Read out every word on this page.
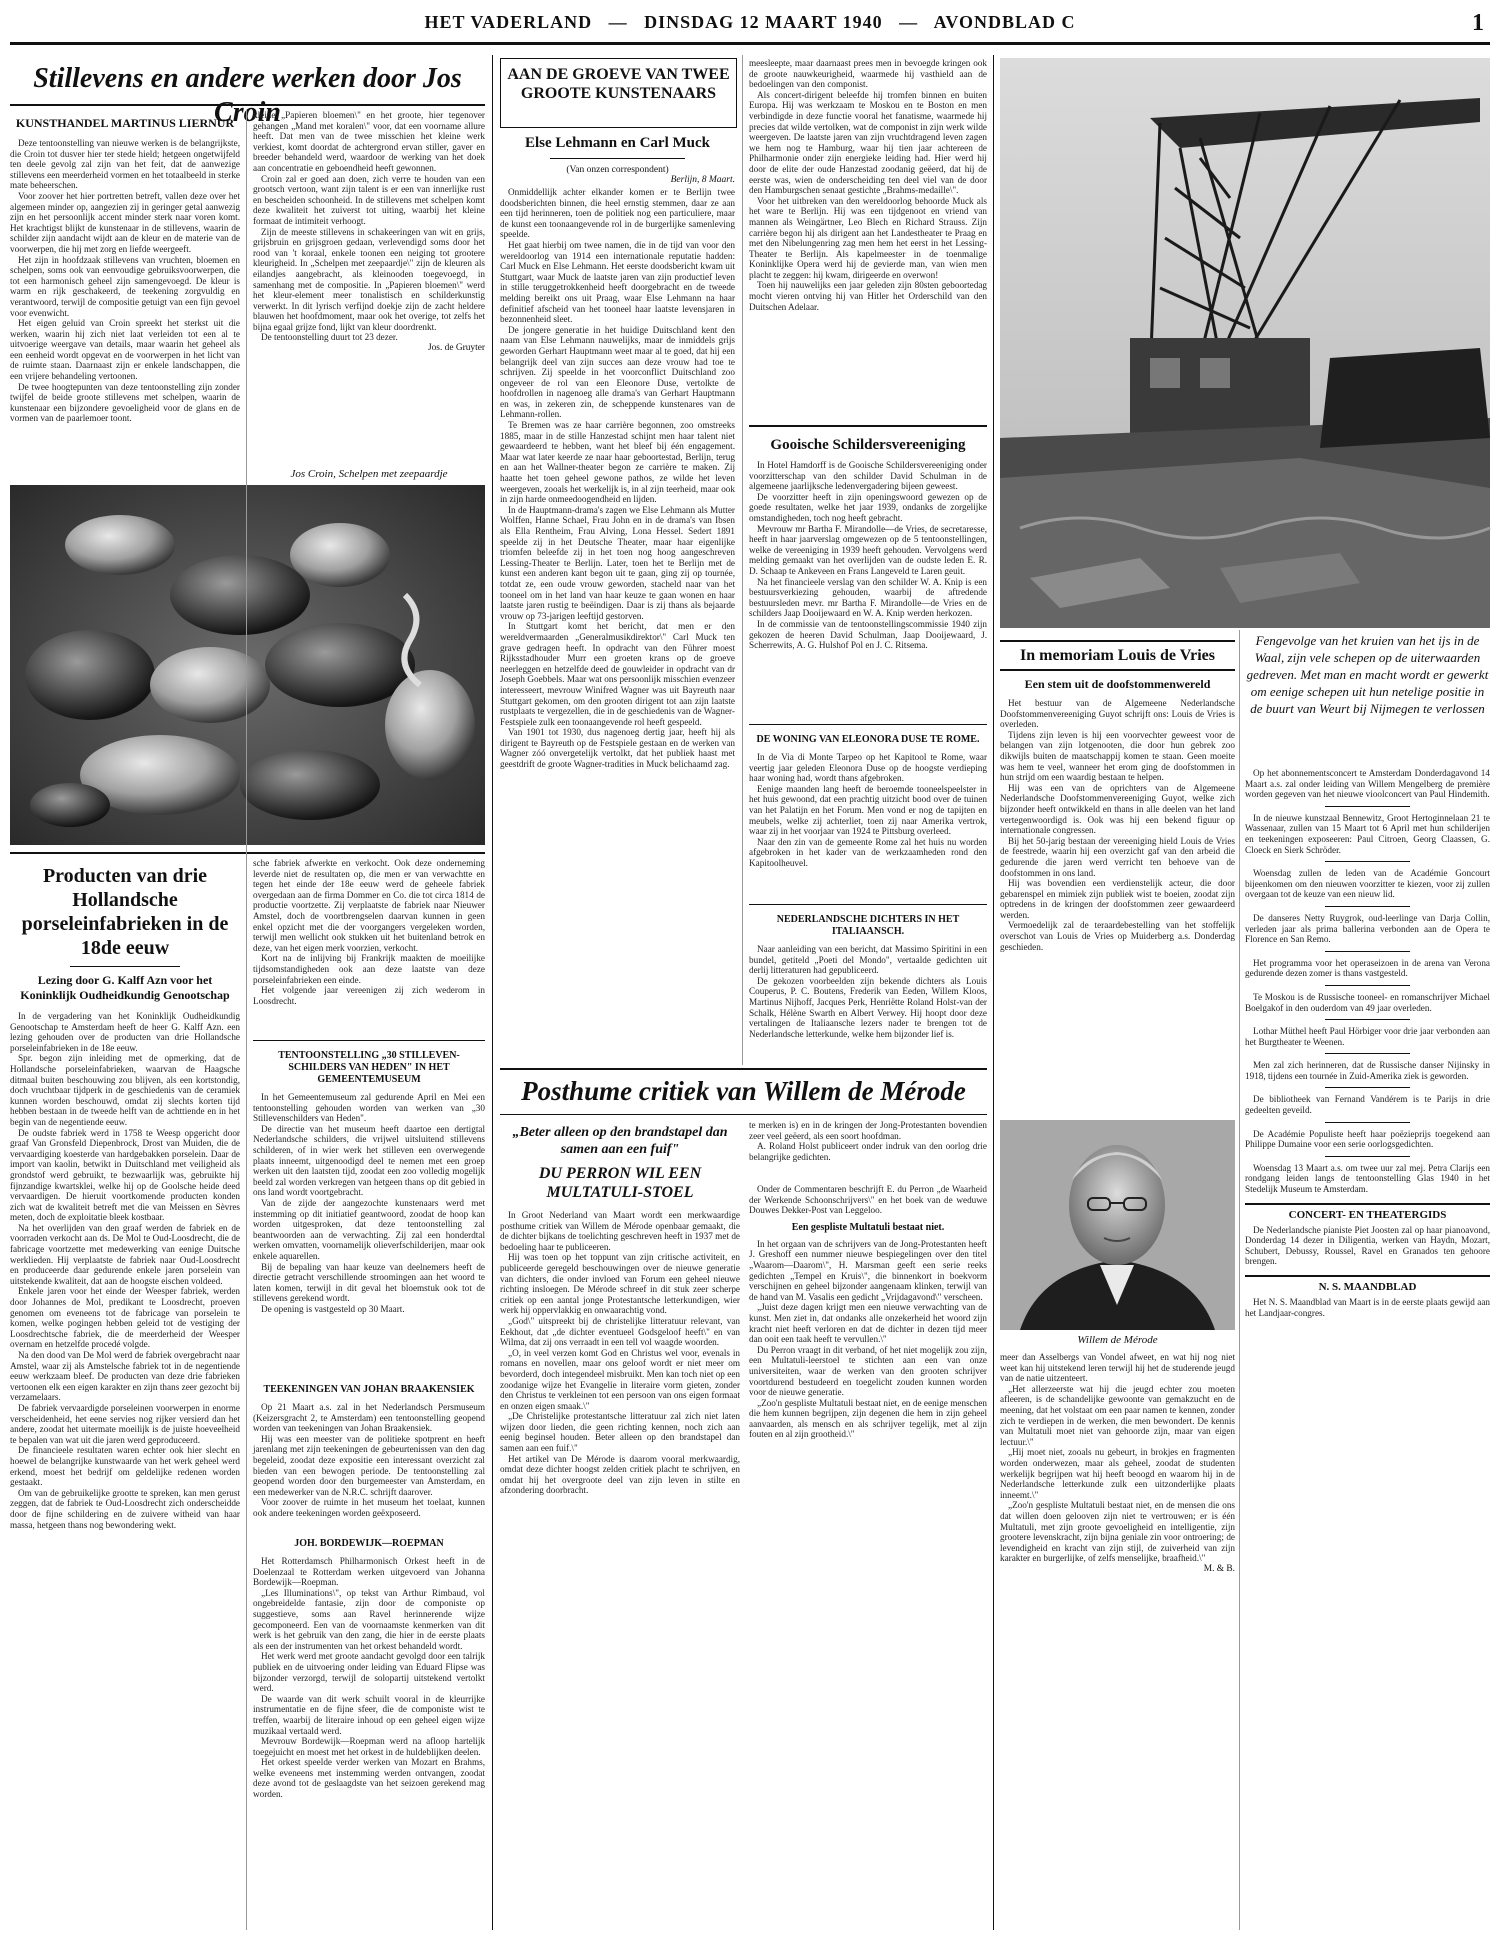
HET VADERLAND — DINSDAG 12 MAART 1940 — AVONDBLAD C	1
Stillevens en andere werken door Jos Croin
KUNSTHANDEL MARTINUS LIERNUR

Deze tentoonstelling van nieuwe werken is de belangrijkste, die Croin tot dusver hier ter stede hield; hetgeen ongetwijfeld ten deele gevolg zal zijn van het feit, dat de aanwezige stillevens een meerderheid vormen en het totaalbeeld in sterke mate beheerschen.

Voor zoover het hier portretten betreft, vallen deze over het algemeen minder op, aangezien zij in geringer getal aanwezig zijn en het persoonlijk accent minder sterk naar voren komt. Het krachtigst blijkt de kunstenaar in de stillevens, waarin de schilder zijn aandacht wijdt aan de kleur en de materie van de voorwerpen, die hij met zorg en liefde weergeeft.

Het zijn in hoofdzaak stillevens van vruchten, bloemen en schelpen, soms ook van eenvoudige gebruiksvoorwerpen, die tot een harmonisch geheel zijn samengevoegd. De kleur is warm en rijk geschakeerd, de teekening zorgvuldig en verantwoord, terwijl de compositie getuigt van een fijn gevoel voor evenwicht.

Het eigen geluid van Croin spreekt het sterkst uit die werken, waarin hij zich niet laat verleiden tot een al te uitvoerige weergave van details, maar waarin het geheel als een eenheid wordt opgevat en de voorwerpen in het licht van de ruimte staan. Daarnaast zijn er enkele landschappen, die een vrijere behandeling vertoonen.

De twee hoogtepunten van deze tentoonstelling zijn zonder twijfel de beide groote stillevens met schelpen, waarin de kunstenaar een bijzondere gevoeligheid voor de glans en de vormen van de paarlemoer toont.

kleine „Papieren bloemen\" en het groote, hier tegenover gehangen „Mand met koralen\" voor, dat een voorname allure heeft. Dat men van de twee misschien het kleine werk verkiest, komt doordat de achtergrond ervan stiller, gaver en breeder behandeld werd, waardoor de werking van het doek aan concentratie en geboendheid heeft gewonnen.

Croin zal er goed aan doen, zich verre te houden van een grootsch vertoon, want zijn talent is er een van innerlijke rust en bescheiden schoonheid. In de stillevens met schelpen komt deze kwaliteit het zuiverst tot uiting, waarbij het kleine formaat de intimiteit verhoogt.

Zijn de meeste stillevens in schakeeringen van wit en grijs, grijsbruin en grijsgroen gedaan, verlevendigd soms door het rood van 't koraal, enkele toonen een neiging tot grootere kleurigheid. In „Schelpen met zeepaardje\" zijn de kleuren als eilandjes aangebracht, als kleinooden toegevoegd, in samenhang met de compositie. In „Papieren bloemen\" werd het kleur-element meer tonalistisch en schilderkunstig verwerkt. In dit lyrisch verfijnd doekje zijn de zacht heldere blauwen het hoofdmoment, maar ook het overige, tot zelfs het bijna egaal grijze fond, lijkt van kleur doordrenkt.

De tentoonstelling duurt tot 23 dezer.

Jos. de Gruyter

Jos Croin, Schelpen met zeepaardje
Producten van drie Hollandsche porseleinfabrieken in de 18de eeuw
Lezing door G. Kalff Azn voor het Koninklijk Oudheidkundig Genootschap

In de vergadering van het Koninklijk Oudheidkundig Genootschap te Amsterdam heeft de heer G. Kalff Azn. een lezing gehouden over de producten van drie Hollandsche porseleinfabrieken in de 18e eeuw.

Spr. begon zijn inleiding met de opmerking, dat de Hollandsche porseleinfabrieken, waarvan de Haagsche ditmaal buiten beschouwing zou blijven, als een kortstondig, doch vruchtbaar tijdperk in de geschiedenis van de ceramiek kunnen worden beschouwd, omdat zij slechts korten tijd hebben bestaan in de tweede helft van de achttiende en in het begin van de negentiende eeuw.

De oudste fabriek werd in 1758 te Weesp opgericht door graaf Van Gronsfeld Diepenbrock, Drost van Muiden, die de vervaardiging koesterde van hardgebakken porselein. Daar de import van kaolin, betwikt in Duitschland met veiligheid als grondstof werd gebruikt, te bezwaarlijk was, gebruikte hij fijnzandige kwartsklei, welke hij op de Goolsche heide deed vervaardigen. De hieruit voortkomende producten konden zich wat de kwaliteit betreft met die van Meissen en Sèvres meten, doch de exploitatie bleek kostbaar.

Na het overlijden van den graaf werden de fabriek en de voorraden verkocht aan ds. De Mol te Oud-Loosdrecht, die de fabricage voortzette met medewerking van eenige Duitsche werklieden. Hij verplaatste de fabriek naar Oud-Loosdrecht en produceerde daar gedurende enkele jaren porselein van uitstekende kwaliteit, dat aan de hoogste eischen voldeed.

Enkele jaren voor het einde der Weesper fabriek, werden door Johannes de Mol, predikant te Loosdrecht, proeven genomen om eveneens tot de fabricage van porselein te komen, welke pogingen hebben geleid tot de vestiging der Loosdrechtsche fabriek, die de meerderheid der Weesper overnam en hetzelfde procedé volgde.

Na den dood van De Mol werd de fabriek overgebracht naar Amstel, waar zij als Amstelsche fabriek tot in de negentiende eeuw werkzaam bleef. De producten van deze drie fabrieken vertoonen elk een eigen karakter en zijn thans zeer gezocht bij verzamelaars.

De fabriek vervaardigde porseleinen voorwerpen in enorme verscheidenheid, het eene servies nog rijker versierd dan het andere, zoodat het uitermate moeilijk is de juiste hoeveelheid te bepalen van wat uit die jaren werd geproduceerd.

De financieele resultaten waren echter ook hier slecht en hoewel de belangrijke kunstwaarde van het werk geheel werd erkend, moest het bedrijf om geldelijke redenen worden gestaakt.

Om van de gebruikelijke grootte te spreken, kan men gerust zeggen, dat de fabriek te Oud-Loosdrecht zich onderscheidde door de fijne schildering en de zuivere witheid van haar massa, hetgeen thans nog bewondering wekt.

sche fabriek afwerkte en verkocht. Ook deze onderneming leverde niet de resultaten op, die men er van verwachtte en tegen het einde der 18e eeuw werd de geheele fabriek overgedaan aan de firma Dommer en Co. die tot circa 1814 de productie voortzette. Zij verplaatste de fabriek naar Nieuwer Amstel, doch de voortbrengselen daarvan kunnen in geen enkel opzicht met die der voorgangers vergeleken worden, terwijl men wellicht ook stukken uit het buitenland betrok en deze, van het eigen merk voorzien, verkocht.

Kort na de inlijving bij Frankrijk maakten de moeilijke tijdsomstandigheden ook aan deze laatste van deze porseleinfabrieken een einde.

Het volgende jaar vereenigen zij zich wederom in Loosdrecht.

TENTOONSTELLING „30 STILLEVEN-SCHILDERS VAN HEDEN" IN HET GEMEENTEMUSEUM

In het Gemeentemuseum zal gedurende April en Mei een tentoonstelling gehouden worden van werken van „30 Stillevenschilders van Heden".

De directie van het museum heeft daartoe een dertigtal Nederlandsche schilders, die vrijwel uitsluitend stillevens schilderen, of in wier werk het stilleven een overwegende plaats inneemt, uitgenoodigd deel te nemen met een groep werken uit den laatsten tijd, zoodat een zoo volledig mogelijk beeld zal worden verkregen van hetgeen thans op dit gebied in ons land wordt voortgebracht.

Van de zijde der aangezochte kunstenaars werd met instemming op dit initiatief geantwoord, zoodat de hoop kan worden uitgesproken, dat deze tentoonstelling zal beantwoorden aan de verwachting. Zij zal een honderdtal werken omvatten, voornamelijk olieverfschilderijen, maar ook enkele aquarellen.

Bij de bepaling van haar keuze van deelnemers heeft de directie getracht verschillende stroomingen aan het woord te laten komen, terwijl in dit geval het bloemstuk ook tot de stillevens gerekend wordt.

De opening is vastgesteld op 30 Maart.

TEEKENINGEN VAN JOHAN BRAAKENSIEK

Op 21 Maart a.s. zal in het Nederlandsch Persmuseum (Keizersgracht 2, te Amsterdam) een tentoonstelling geopend worden van teekeningen van Johan Braakensiek.

Hij was een meester van de politieke spotprent en heeft jarenlang met zijn teekeningen de gebeurtenissen van den dag begeleid, zoodat deze expositie een interessant overzicht zal bieden van een bewogen periode. De tentoonstelling zal geopend worden door den burgemeester van Amsterdam, en een medewerker van de N.R.C. schrijft daarover.

Voor zoover de ruimte in het museum het toelaat, kunnen ook andere teekeningen worden geëxposeerd.

JOH. BORDEWIJK—ROEPMAN

Het Rotterdamsch Philharmonisch Orkest heeft in de Doelenzaal te Rotterdam werken uitgevoerd van Johanna Bordewijk—Roepman.

„Les Illuminations\", op tekst van Arthur Rimbaud, vol ongebreidelde fantasie, zijn door de componiste op suggestieve, soms aan Ravel herinnerende wijze gecomponeerd. Een van de voornaamste kenmerken van dit werk is het gebruik van den zang, die hier in de eerste plaats als een der instrumenten van het orkest behandeld wordt.

Het werk werd met groote aandacht gevolgd door een talrijk publiek en de uitvoering onder leiding van Eduard Flipse was bijzonder verzorgd, terwijl de solopartij uitstekend vertolkt werd.

De waarde van dit werk schuilt vooral in de kleurrijke instrumentatie en de fijne sfeer, die de componiste wist te treffen, waarbij de literaire inhoud op een geheel eigen wijze muzikaal vertaald werd.

Mevrouw Bordewijk—Roepman werd na afloop hartelijk toegejuicht en moest met het orkest in de huldeblijken deelen.

Het orkest speelde verder werken van Mozart en Brahms, welke eveneens met instemming werden ontvangen, zoodat deze avond tot de geslaagdste van het seizoen gerekend mag worden.

AAN DE GROEVE VAN TWEE GROOTE KUNSTENAARS
Else Lehmann en Carl Muck
(Van onzen correspondent)
Berlijn, 8 Maart.

Onmiddellijk achter elkander komen er te Berlijn twee doodsberichten binnen, die heel ernstig stemmen, daar ze aan een tijd herinneren, toen de politiek nog een particuliere, maar de kunst een toonaangevende rol in de burgerlijke samenleving speelde.

Het gaat hierbij om twee namen, die in de tijd van voor den wereldoorlog van 1914 een internationale reputatie hadden: Carl Muck en Else Lehmann. Het eerste doodsbericht kwam uit Stuttgart, waar Muck de laatste jaren van zijn productief leven in stille teruggetrokkenheid heeft doorgebracht en de tweede melding bereikt ons uit Praag, waar Else Lehmann na haar definitief afscheid van het tooneel haar laatste levensjaren in bezonnenheid sleet.

De jongere generatie in het huidige Duitschland kent den naam van Else Lehmann nauwelijks, maar de inmiddels grijs geworden Gerhart Hauptmann weet maar al te goed, dat hij een belangrijk deel van zijn succes aan deze vrouw had toe te schrijven. Zij speelde in het voorconflict Duitschland zoo ongeveer de rol van een Eleonore Duse, vertolkte de hoofdrollen in nagenoeg alle drama's van Gerhart Hauptmann en was, in zekeren zin, de scheppende kunstenares van de Lehmann-rollen.

Te Bremen was ze haar carrière begonnen, zoo omstreeks 1885, maar in de stille Hanzestad schijnt men haar talent niet gewaardeerd te hebben, want het bleef bij één engagement. Maar wat later keerde ze naar haar geboortestad, Berlijn, terug en aan het Wallner-theater begon ze carrière te maken. Zij haatte het toen geheel gewone pathos, ze wilde het leven weergeven, zooals het werkelijk is, in al zijn teerheid, maar ook in zijn harde onmeedoogendheid en lijden.

In de Hauptmann-drama's zagen we Else Lehmann als Mutter Wolffen, Hanne Schael, Frau John en in de drama's van Ibsen als Ella Rentheim, Frau Alving, Lona Hessel. Sedert 1891 speelde zij in het Deutsche Theater, maar haar eigenlijke triomfen beleefde zij in het toen nog hoog aangeschreven Lessing-Theater te Berlijn. Later, toen het te Berlijn met de kunst een anderen kant begon uit te gaan, ging zij op tournée, totdat ze, een oude vrouw geworden, stacheld naar van het tooneel om in het land van haar keuze te gaan wonen en haar laatste jaren rustig te beëindigen. Daar is zij thans als bejaarde vrouw op 73-jarigen leeftijd gestorven.

In Stuttgart komt het bericht, dat men er den wereldvermaarden „Generalmusikdirektor\" Carl Muck ten grave gedragen heeft. In opdracht van den Führer moest Rijksstadhouder Murr een groeten krans op de groeve neerleggen en hetzelfde deed de gouwleider in opdracht van dr Joseph Goebbels. Maar wat ons persoonlijk misschien evenzeer interesseert, mevrouw Winifred Wagner was uit Bayreuth naar Stuttgart gekomen, om den grooten dirigent tot aan zijn laatste rustplaats te vergezellen, die in de geschiedenis van de Wagner-Festspiele zulk een toonaangevende rol heeft gespeeld.

Van 1901 tot 1930, dus nagenoeg dertig jaar, heeft hij als dirigent te Bayreuth op de Festspiele gestaan en de werken van Wagner zóó onvergetelijk vertolkt, dat het publiek haast met geestdrift de groote Wagner-tradities in Muck belichaamd zag.

meesleepte, maar daarnaast prees men in bevoegde kringen ook de groote nauwkeurigheid, waarmede hij vasthield aan de bedoelingen van den componist.

Als concert-dirigent beleefde hij tromfen binnen en buiten Europa. Hij was werkzaam te Moskou en te Boston en men verbindigde in deze functie vooral het fanatisme, waarmede hij precies dat wilde vertolken, wat de componist in zijn werk wilde weergeven. De laatste jaren van zijn vruchtdragend leven zagen we hem nog te Hamburg, waar hij tien jaar achtereen de Philharmonie onder zijn energieke leiding had. Hier werd hij door de elite der oude Hanzestad zoodanig geëerd, dat hij de eerste was, wien de onderscheiding ten deel viel van de door den Hamburgschen senaat gestichte „Brahms-medaille\".

Voor het uitbreken van den wereldoorlog behoorde Muck als het ware te Berlijn. Hij was een tijdgenoot en vriend van mannen als Weingärtner, Leo Blech en Richard Strauss. Zijn carrière begon hij als dirigent aan het Landestheater te Praag en met den Nibelungenring zag men hem het eerst in het Lessing-Theater te Berlijn. Als kapelmeester in de toenmalige Koninklijke Opera werd hij de gevierde man, van wien men placht te zeggen: hij kwam, dirigeerde en overwon!

Toen hij nauwelijks een jaar geleden zijn 80sten geboortedag mocht vieren ontving hij van Hitler het Orderschild van den Duitschen Adelaar.

Gooische Schildersvereeniging

In Hotel Hamdorff is de Gooische Schildersvereeniging onder voorzitterschap van den schilder David Schulman in de algemeene jaarlijksche ledenvergadering bijeen geweest.

De voorzitter heeft in zijn openingswoord gewezen op de goede resultaten, welke het jaar 1939, ondanks de zorgelijke omstandigheden, toch nog heeft gebracht.

Mevrouw mr Bartha F. Mirandolle—de Vries, de secretaresse, heeft in haar jaarverslag omgewezen op de 5 tentoonstellingen, welke de vereeniging in 1939 heeft gehouden. Vervolgens werd melding gemaakt van het overlijden van de oudste leden E. R. D. Schaap te Ankeveen en Frans Langeveld te Laren geuit.

Na het financieele verslag van den schilder W. A. Knip is een bestuursverkiezing gehouden, waarbij de aftredende bestuursleden mevr. mr Bartha F. Mirandolle—de Vries en de schilders Jaap Dooijewaard en W. A. Knip werden herkozen.

In de commissie van de tentoonstellingscommissie 1940 zijn gekozen de heeren David Schulman, Jaap Dooijewaard, J. Scherrewits, A. G. Hulshof Pol en J. C. Ritsema.

DE WONING VAN ELEONORA DUSE TE ROME.

In de Via di Monte Tarpeo op het Kapitool te Rome, waar veertig jaar geleden Eleonora Duse op de hoogste verdieping haar woning had, wordt thans afgebroken.

Eenige maanden lang heeft de beroemde tooneelspeelster in het huis gewoond, dat een prachtig uitzicht bood over de tuinen van het Palatijn en het Forum. Men vond er nog de tapijten en meubels, welke zij achterliet, toen zij naar Amerika vertrok, waar zij in het voorjaar van 1924 te Pittsburg overleed.

Naar den zin van de gemeente Rome zal het huis nu worden afgebroken in het kader van de werkzaamheden rond den Kapitoolheuvel.

NEDERLANDSCHE DICHTERS IN HET ITALIAANSCH.

Naar aanleiding van een bericht, dat Massimo Spiritini in een bundel, getiteld „Poeti del Mondo", vertaalde gedichten uit derlij litteraturen had gepubliceerd.

De gekozen voorbeelden zijn bekende dichters als Louis Couperus, P. C. Boutens, Frederik van Eeden, Willem Kloos, Martinus Nijhoff, Jacques Perk, Henriëtte Roland Holst-van der Schalk, Hélène Swarth en Albert Verwey. Hij hoopt door deze vertalingen de Italiaansche lezers nader te brengen tot de Nederlandsche letterkunde, welke hem bijzonder lief is.

Posthume critiek van Willem de Mérode
„Beter alleen op den brandstapel dan samen aan een fuif"
DU PERRON WIL EEN MULTATULI-STOEL

In Groot Nederland van Maart wordt een merkwaardige posthume critiek van Willem de Mérode openbaar gemaakt, die de dichter bijkans de toelichting geschreven heeft in 1937 met de bedoeling haar te publiceeren.

Hij was toen op het toppunt van zijn critische activiteit, en publiceerde geregeld beschouwingen over de nieuwe generatie van dichters, die onder invloed van Forum een geheel nieuwe richting insloegen. De Mérode schreef in dit stuk zeer scherpe critiek op een aantal jonge Protestantsche letterkundigen, wier werk hij oppervlakkig en onwaarachtig vond.

„God\" uitspreekt bij de christelijke litteratuur relevant, van Eekhout, dat „de dichter eventueel Godsgeloof heeft\" en van Wilma, dat zij ons verraadt in een tell vol waagde woorden.

„O, in veel verzen komt God en Christus wel voor, evenals in romans en novellen, maar ons geloof wordt er niet meer om bevorderd, doch integendeel misbruikt. Men kan toch niet op een zoodanige wijze het Evangelie in literaire vorm gieten, zonder den Christus te verkleinen tot een persoon van ons eigen formaat en onzen eigen smaak.\"

„De Christelijke protestantsche litteratuur zal zich niet laten wijzen door lieden, die geen richting kennen, noch zich aan eenig beginsel houden. Beter alleen op den brandstapel dan samen aan een fuif.\"

Het artikel van De Mérode is daarom vooral merkwaardig, omdat deze dichter hoogst zelden critiek placht te schrijven, en omdat hij het overgroote deel van zijn leven in stilte en afzondering doorbracht.

te merken is) en in de kringen der Jong-Protestanten bovendien zeer veel geëerd, als een soort hoofdman.

A. Roland Holst publiceert onder indruk van den oorlog drie belangrijke gedichten.

Willem de Mérode

Onder de Commentaren beschrijft E. du Perron „de Waarheid der Werkende Schoonschrijvers\" en het boek van de weduwe Douwes Dekker-Post van Leggeloo.

Een gespliste Multatuli bestaat niet.

In het orgaan van de schrijvers van de Jong-Protestanten heeft J. Greshoff een nummer nieuwe bespiegelingen over den titel „Waarom—Daarom\", H. Marsman geeft een serie reeks gedichten „Tempel en Kruis\", die binnenkort in boekvorm verschijnen en geheel bijzonder aangenaam klinken, terwijl van de hand van M. Vasalis een gedicht „Vrijdagavond\" verscheen.

„Juist deze dagen krijgt men een nieuwe verwachting van de kunst. Men ziet in, dat ondanks alle onzekerheid het woord zijn kracht niet heeft verloren en dat de dichter in dezen tijd meer dan ooit een taak heeft te vervullen.\"

Du Perron vraagt in dit verband, of het niet mogelijk zou zijn, een Multatuli-leerstoel te stichten aan een van onze universiteiten, waar de werken van den grooten schrijver voortdurend bestudeerd en toegelicht zouden kunnen worden voor de nieuwe generatie.

„Zoo'n gespliste Multatuli bestaat niet, en de eenige menschen die hem kunnen begrijpen, zijn degenen die hem in zijn geheel aanvaarden, als mensch en als schrijver tegelijk, met al zijn fouten en al zijn grootheid.\"

meer dan Asselbergs van Vondel afweet, en wat hij nog niet weet kan hij uitstekend leren terwijl hij het de studerende jeugd van de natie uitzenteert.

„Het allerzeerste wat hij die jeugd echter zou moeten afleeren, is de schandelijke gewoonte van gemakzucht en de meening, dat het volstaat om een paar namen te kennen, zonder zich te verdiepen in de werken, die men bewondert. De kennis van Multatuli moet niet van gehoorde zijn, maar van eigen lectuur.\"

„Hij moet niet, zooals nu gebeurt, in brokjes en fragmenten worden onderwezen, maar als geheel, zoodat de studenten werkelijk begrijpen wat hij heeft beoogd en waarom hij in de Nederlandsche letterkunde zulk een uitzonderlijke plaats inneemt.\"

„Zoo'n gespliste Multatuli bestaat niet, en de mensen die ons dat willen doen gelooven zijn niet te vertrouwen; er is één Multatuli, met zijn groote gevoeligheid en intelligentie, zijn grootere levenskracht, zijn bijna geniale zin voor ontroering; de levendigheid en kracht van zijn stijl, de zuiverheid van zijn karakter en burgerlijke, of zelfs menselijke, braafheid.\"

M. & B.

Fengevolge van het kruien van het ijs in de Waal, zijn vele schepen op de uiterwaarden gedreven. Met man en macht wordt er gewerkt om eenige schepen uit hun netelige positie in de buurt van Weurt bij Nijmegen te verlossen
In memoriam Louis de Vries
Een stem uit de doofstommenwereld

Het bestuur van de Algemeene Nederlandsche Doofstommenvereeniging Guyot schrijft ons: Louis de Vries is overleden.

Tijdens zijn leven is hij een voorvechter geweest voor de belangen van zijn lotgenooten, die door hun gebrek zoo dikwijls buiten de maatschappij komen te staan. Geen moeite was hem te veel, wanneer het erom ging de doofstommen in hun strijd om een waardig bestaan te helpen.

Hij was een van de oprichters van de Algemeene Nederlandsche Doofstommenvereeniging Guyot, welke zich bijzonder heeft ontwikkeld en thans in alle deelen van het land vertegenwoordigd is. Ook was hij een bekend figuur op internationale congressen.

Bij het 50-jarig bestaan der vereeniging hield Louis de Vries de feestrede, waarin hij een overzicht gaf van den arbeid die gedurende die jaren werd verricht ten behoeve van de doofstommen in ons land.

Hij was bovendien een verdienstelijk acteur, die door gebarenspel en mimiek zijn publiek wist te boeien, zoodat zijn optredens in de kringen der doofstommen zeer gewaardeerd werden.

Vermoedelijk zal de teraardebestelling van het stoffelijk overschot van Louis de Vries op Muiderberg a.s. Donderdag geschieden.

Op het abonnementsconcert te Amsterdam Donderdagavond 14 Maart a.s. zal onder leiding van Willem Mengelberg de première worden gegeven van het nieuwe vioolconcert van Paul Hindemith.

In de nieuwe kunstzaal Bennewitz, Groot Hertoginnelaan 21 te Wassenaar, zullen van 15 Maart tot 6 April met hun schilderijen en teekeningen exposeeren: Paul Citroen, Georg Claassen, G. Cloeck en Sierk Schröder.

Woensdag zullen de leden van de Académie Goncourt bijeenkomen om den nieuwen voorzitter te kiezen, voor zij zullen overgaan tot de keuze van een nieuw lid.

De danseres Netty Ruygrok, oud-leerlinge van Darja Collin, verleden jaar als prima ballerina verbonden aan de Opera te Florence en San Remo.

Het programma voor het operaseizoen in de arena van Verona gedurende dezen zomer is thans vastgesteld.

Te Moskou is de Russische tooneel- en romanschrijver Michael Boelgakof in den ouderdom van 49 jaar overleden.

Lothar Müthel heeft Paul Hörbiger voor drie jaar verbonden aan het Burgtheater te Weenen.

Men zal zich herinneren, dat de Russische danser Nijinsky in 1918, tijdens een tournée in Zuid-Amerika ziek is geworden.

De bibliotheek van Fernand Vandérem is te Parijs in drie gedeelten geveild.

De Académie Populiste heeft haar poëzieprijs toegekend aan Philippe Dumaine voor een serie oorlogsgedichten.

Woensdag 13 Maart a.s. om twee uur zal mej. Petra Clarijs een rondgang leiden langs de tentoonstelling Glas 1940 in het Stedelijk Museum te Amsterdam.

CONCERT- EN THEATERGIDS

De Nederlandsche pianiste Piet Joosten zal op haar pianoavond, Donderdag 14 dezer in Diligentia, werken van Haydn, Mozart, Schubert, Debussy, Roussel, Ravel en Granados ten gehoore brengen.

N. S. MAANDBLAD

Het N. S. Maandblad van Maart is in de eerste plaats gewijd aan het Landjaar-congres.
